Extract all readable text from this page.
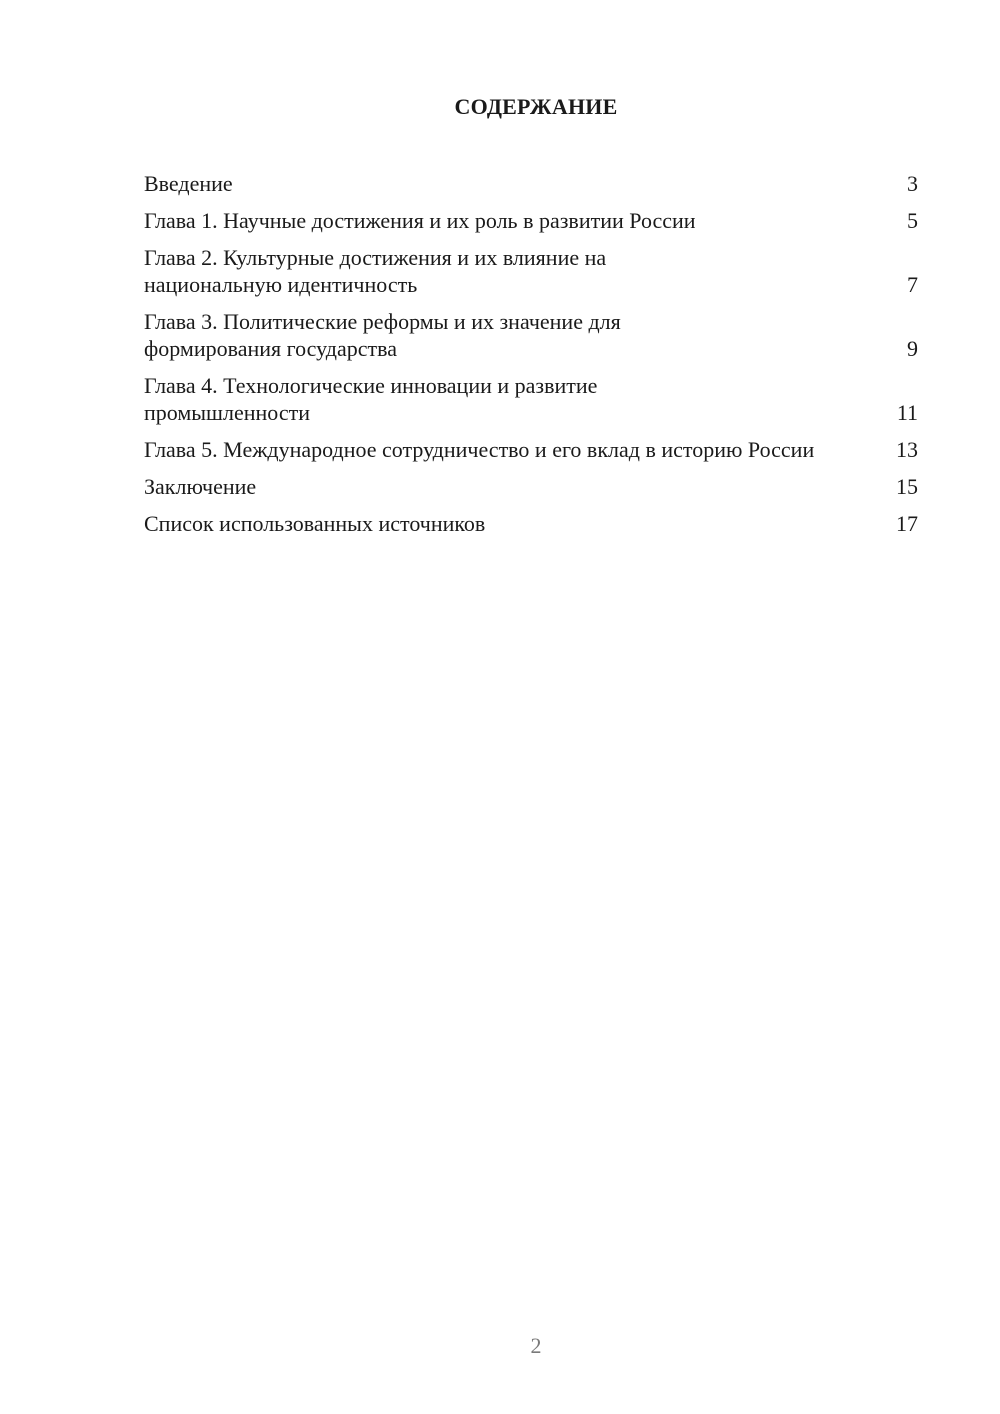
СОДЕРЖАНИЕ
Введение	3
Глава 1. Научные достижения и их роль в развитии России	5
Глава 2. Культурные достижения и их влияние на национальную идентичность	7
Глава 3. Политические реформы и их значение для формирования государства	9
Глава 4. Технологические инновации и развитие промышленности	11
Глава 5. Международное сотрудничество и его вклад в историю России	13
Заключение	15
Список использованных источников	17
2
